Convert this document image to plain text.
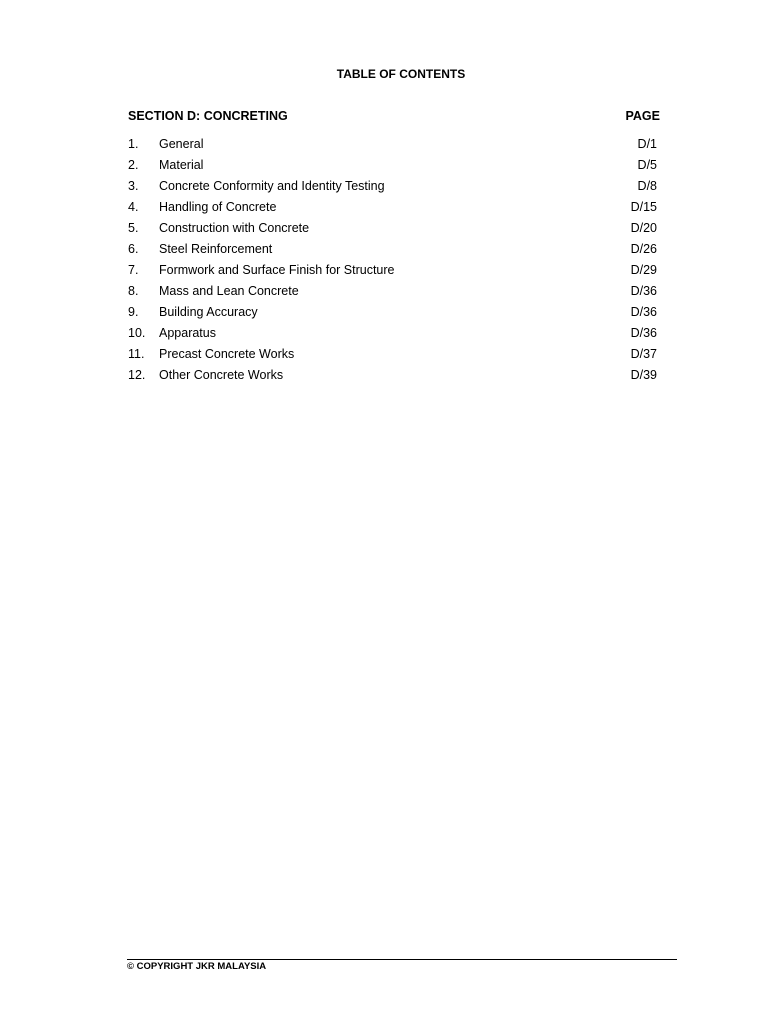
TABLE OF CONTENTS
SECTION D: CONCRETING	PAGE
1. General	D/1
2. Material	D/5
3. Concrete Conformity and Identity Testing	D/8
4. Handling of Concrete	D/15
5. Construction with Concrete	D/20
6. Steel Reinforcement	D/26
7. Formwork and Surface Finish for Structure	D/29
8. Mass and Lean Concrete	D/36
9. Building Accuracy	D/36
10. Apparatus	D/36
11. Precast Concrete Works	D/37
12. Other Concrete Works	D/39
© COPYRIGHT JKR MALAYSIA
